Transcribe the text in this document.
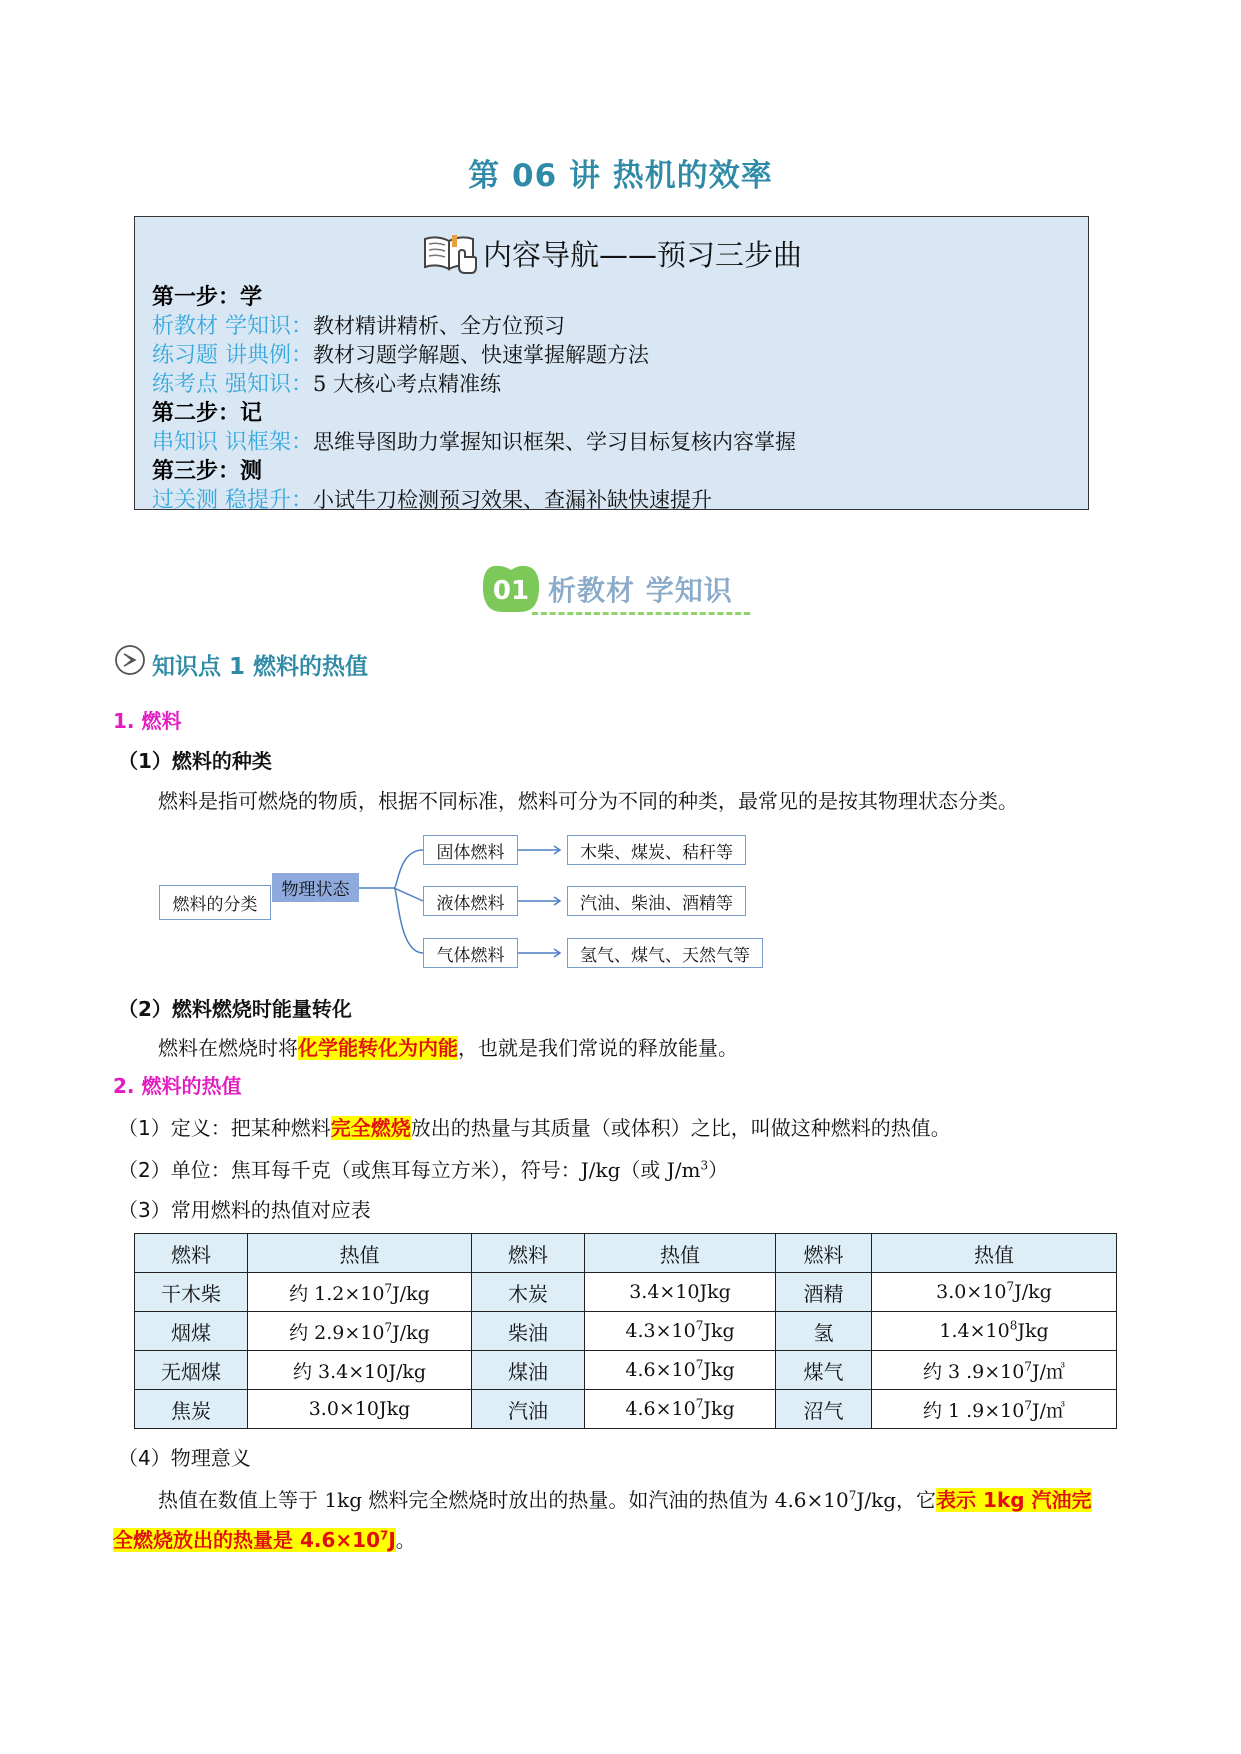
第 06 讲 热机的效率
内容导航——预习三步曲
第一步：学
析教材 学知识：教材精讲精析、全方位预习
练习题 讲典例：教材习题学解题、快速掌握解题方法
练考点 强知识：5 大核心考点精准练
第二步：记
串知识 识框架：思维导图助力掌握知识框架、学习目标复核内容掌握
第三步：测
过关测 稳提升：小试牛刀检测预习效果、查漏补缺快速提升
01 析教材 学知识
知识点 1 燃料的热值
1. 燃料
（1）燃料的种类
燃料是指可燃烧的物质，根据不同标准，燃料可分为不同的种类，最常见的是按其物理状态分类。
燃料的分类
物理状态
固体燃料	木柴、煤炭、秸秆等
液体燃料	汽油、柴油、酒精等
气体燃料	氢气、煤气、天然气等
（2）燃料燃烧时能量转化
燃料在燃烧时将化学能转化为内能，也就是我们常说的释放能量。
2. 燃料的热值
（1）定义：把某种燃料完全燃烧放出的热量与其质量（或体积）之比，叫做这种燃料的热值。
（2）单位：焦耳每千克（或焦耳每立方米），符号：J/kg（或 $J/m^3$）
（3）常用燃料的热值对应表
燃料	热值	燃料	热值	燃料	热值
干木柴	约 $1.2\times 10^7J/kg$	木炭	3.4×10Jkg	酒精	$3.0\times 10^7J/kg$
烟煤	约 $2.9\times 10^7J/kg$	柴油	$4.3\times 10^7Jkg$	氢	$1.4\times 10^8Jkg$
无烟煤	约 3.4×10J/kg	煤油	$4.6\times 10^7Jkg$	煤气	约 3 $.9\times 10^7J/㎥$
焦炭	3.0×10Jkg	汽油	$4.6\times 10^7Jkg$	沼气	约 1 $.9\times 10^7J/㎥$
（4）物理意义
热值在数值上等于 1kg 燃料完全燃烧时放出的热量。如汽油的热值为 $4.6\times 10^7J/kg$，它表示 1kg 汽油完
全燃烧放出的热量是 $4.6\times 10^7J$。
